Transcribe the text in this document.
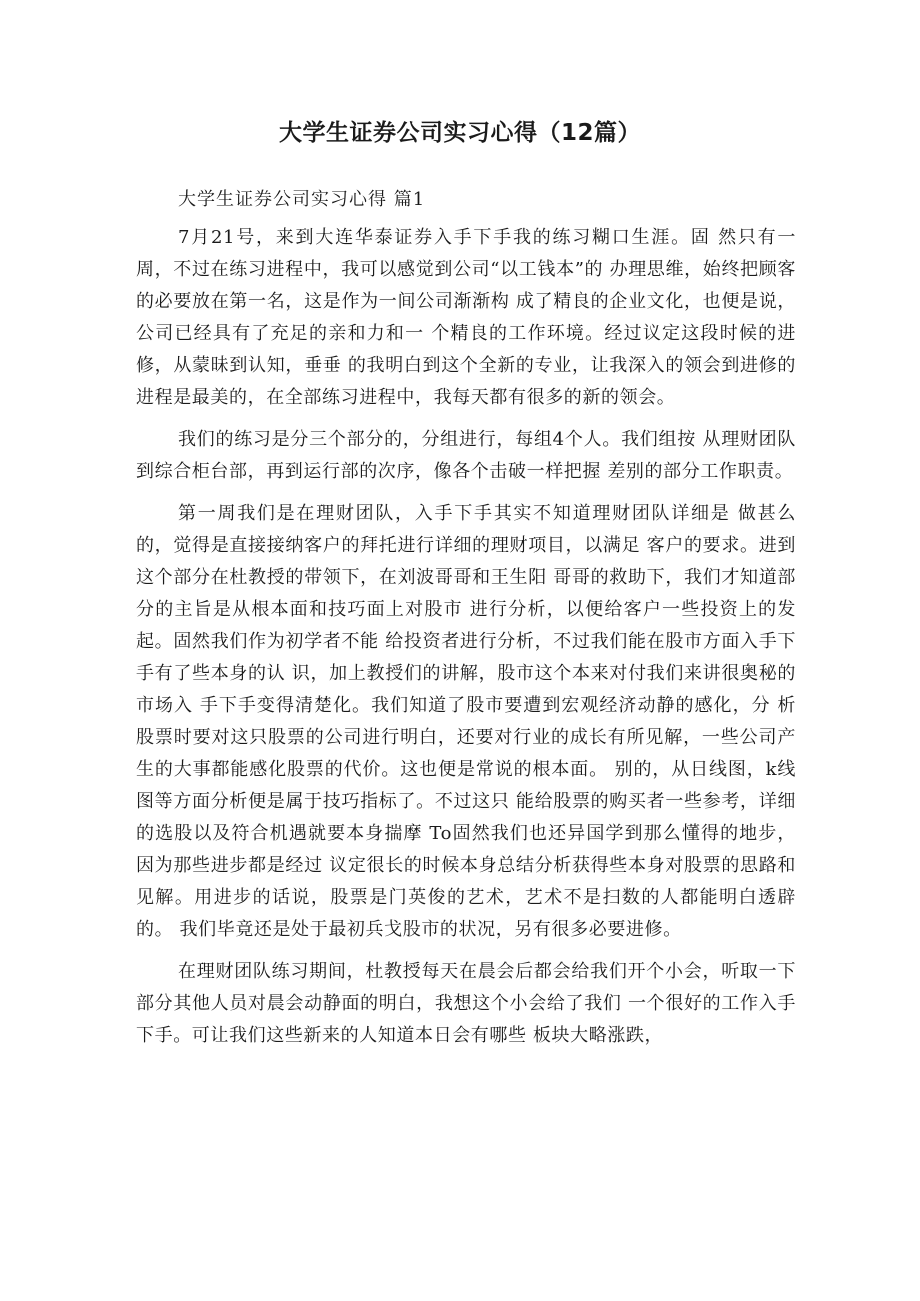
大学生证券公司实习心得（12篇）

大学生证券公司实习心得 篇1

7月21号，来到大连华泰证券入手下手我的练习糊口生涯。固 然只有一周，不过在练习进程中，我可以感觉到公司“以工钱本”的 办理思维，始终把顾客的必要放在第一名，这是作为一间公司渐渐构 成了精良的企业文化，也便是说，公司已经具有了充足的亲和力和一 个精良的工作环境。经过议定这段时候的进修，从蒙昧到认知，垂垂 的我明白到这个全新的专业，让我深入的领会到进修的进程是最美的，在全部练习进程中，我每天都有很多的新的领会。

我们的练习是分三个部分的，分组进行，每组4个人。我们组按 从理财团队到综合柜台部，再到运行部的次序，像各个击破一样把握 差别的部分工作职责。

第一周我们是在理财团队，入手下手其实不知道理财团队详细是 做甚么的，觉得是直接接纳客户的拜托进行详细的理财项目，以满足 客户的要求。进到这个部分在杜教授的带领下，在刘波哥哥和王生阳 哥哥的救助下，我们才知道部分的主旨是从根本面和技巧面上对股市 进行分析，以便给客户一些投资上的发起。固然我们作为初学者不能 给投资者进行分析，不过我们能在股市方面入手下手有了些本身的认 识，加上教授们的讲解，股市这个本来对付我们来讲很奥秘的市场入 手下手变得清楚化。我们知道了股市要遭到宏观经济动静的感化，分 析股票时要对这只股票的公司进行明白，还要对行业的成长有所见解，一些公司产生的大事都能感化股票的代价。这也便是常说的根本面。 别的，从日线图，k线图等方面分析便是属于技巧指标了。不过这只 能给股票的购买者一些参考，详细的选股以及符合机遇就要本身揣摩 To固然我们也还异国学到那么懂得的地步，因为那些进步都是经过 议定很长的时候本身总结分析获得些本身对股票的思路和见解。用进步的话说，股票是门英俊的艺术，艺术不是扫数的人都能明白透辟的。 我们毕竟还是处于最初兵戈股市的状况，另有很多必要进修。

在理财团队练习期间，杜教授每天在晨会后都会给我们开个小会，听取一下部分其他人员对晨会动静面的明白，我想这个小会给了我们 一个很好的工作入手下手。可让我们这些新来的人知道本日会有哪些 板块大略涨跌，
